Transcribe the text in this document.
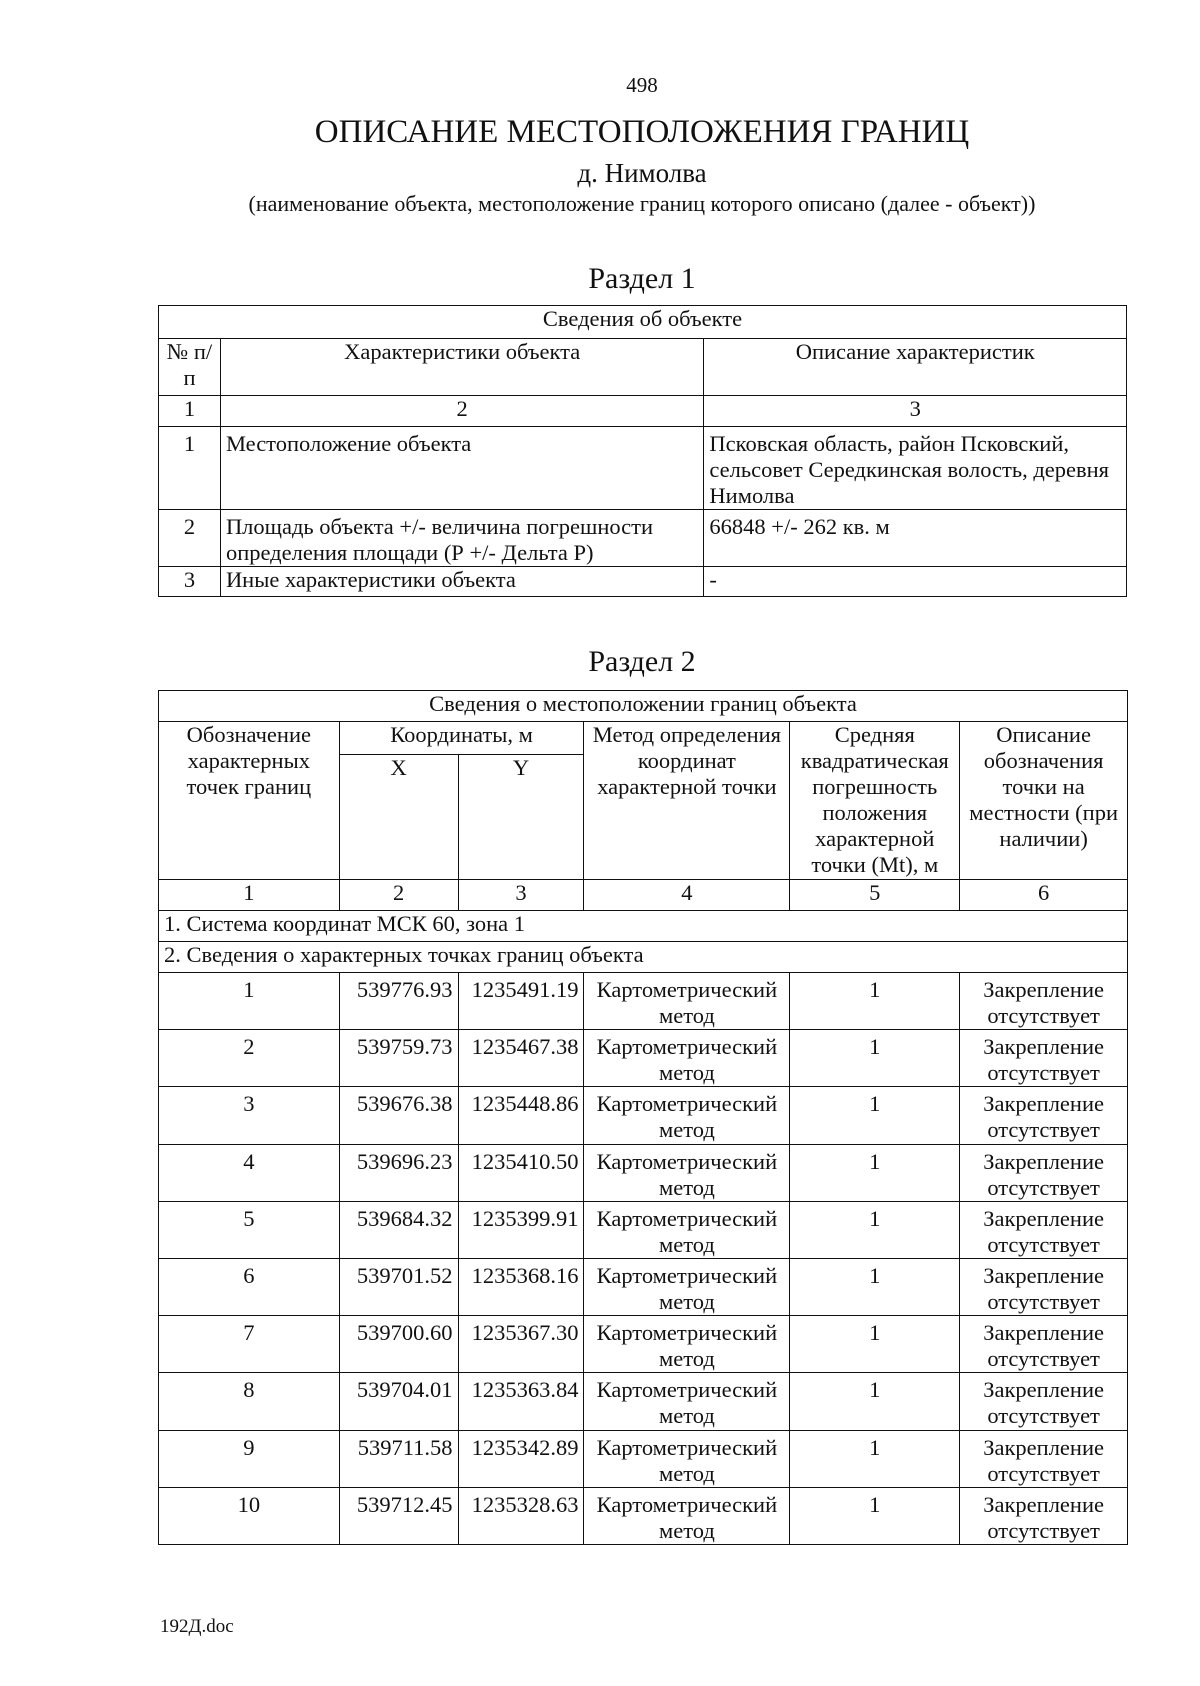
498
ОПИСАНИЕ МЕСТОПОЛОЖЕНИЯ ГРАНИЦ
д. Нимолва
(наименование объекта, местоположение границ которого описано (далее - объект))
Раздел 1
Сведения об объекте		
№ п/п	Характеристики объекта	Описание характеристик
1	2	3
1	Местоположение объекта	Псковская область, район Псковский, сельсовет Середкинская волость, деревня Нимолва
2	Площадь объекта +/- величина погрешности определения площади (Р +/- Дельта Р)	66848 +/- 262 кв. м
3	Иные характеристики объекта	-
Раздел 2
Сведения о местоположении границ объекта					
Обозначение характерных точек границ	Координаты, м		Метод определения координат характерной точки	Средняя квадратическая погрешность положения характерной точки (Мt), м	Описание обозначения точки на местности (при наличии)
	X	Y			
1	2	3	4	5	6
1. Система координат МСК 60, зона 1					
2. Сведения о характерных точках границ объекта					
1	539776.93	1235491.19	Картометрический метод	1	Закрепление отсутствует
2	539759.73	1235467.38	Картометрический метод	1	Закрепление отсутствует
3	539676.38	1235448.86	Картометрический метод	1	Закрепление отсутствует
4	539696.23	1235410.50	Картометрический метод	1	Закрепление отсутствует
5	539684.32	1235399.91	Картометрический метод	1	Закрепление отсутствует
6	539701.52	1235368.16	Картометрический метод	1	Закрепление отсутствует
7	539700.60	1235367.30	Картометрический метод	1	Закрепление отсутствует
8	539704.01	1235363.84	Картометрический метод	1	Закрепление отсутствует
9	539711.58	1235342.89	Картометрический метод	1	Закрепление отсутствует
10	539712.45	1235328.63	Картометрический метод	1	Закрепление отсутствует
192Д.doc
